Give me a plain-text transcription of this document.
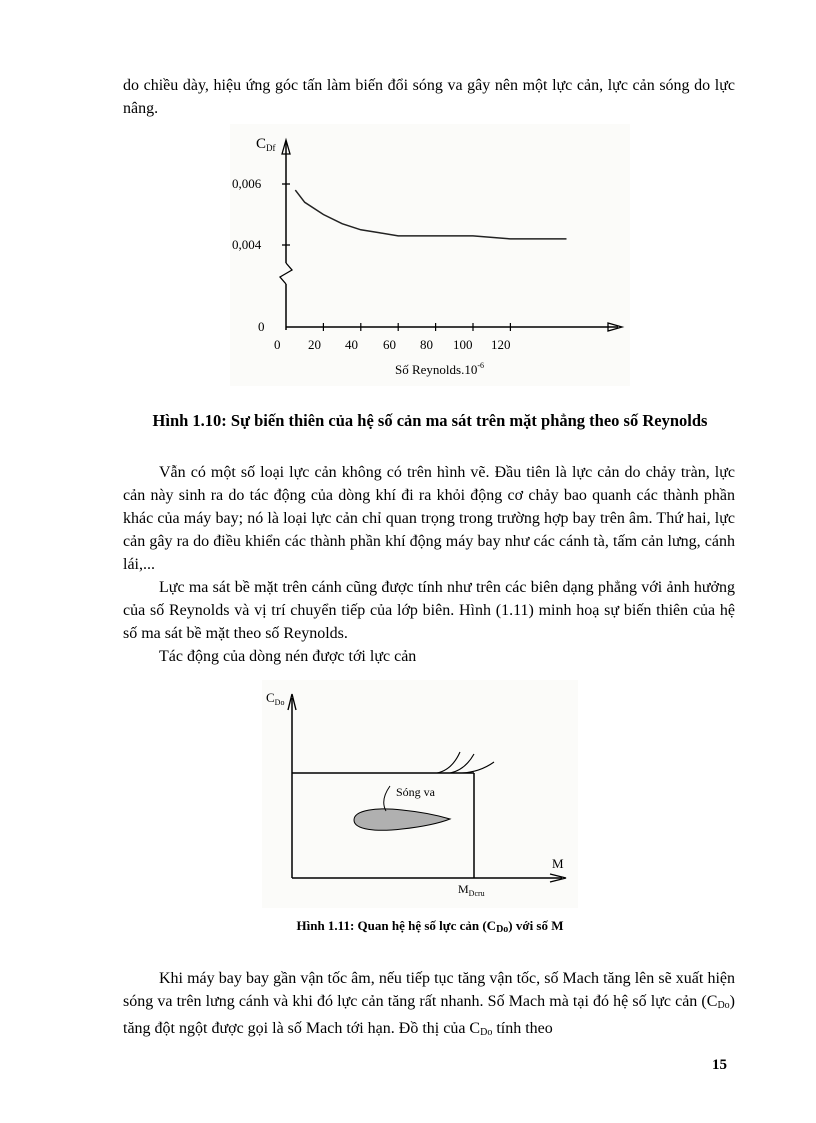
do chiều dày, hiệu ứng góc tấn làm biến đổi sóng va gây nên một lực cản, lực cản sóng do lực nâng.

$C_{Df}$
0,006
0,004
0
0 20 40 60 80 100 120
Số $Reynolds.10^{-6}$
Hình 1.10: Sự biến thiên của hệ số cản ma sát trên mặt phẳng theo số Reynolds

Vẫn có một số loại lực cản không có trên hình vẽ. Đầu tiên là lực cản do chảy tràn, lực cản này sinh ra do tác động của dòng khí đi ra khỏi động cơ chảy bao quanh các thành phần khác của máy bay; nó là loại lực cản chỉ quan trọng trong trường hợp bay trên âm. Thứ hai, lực cản gây ra do điều khiển các thành phần khí động máy bay như các cánh tà, tấm cản lưng, cánh lái,...

Lực ma sát bề mặt trên cánh cũng được tính như trên các biên dạng phẳng với ảnh hưởng của số Reynolds và vị trí chuyển tiếp của lớp biên. Hình (1.11) minh hoạ sự biến thiên của hệ số ma sát bề mặt theo số Reynolds.

Tác động của dòng nén được tới lực cản

$C_{Do}$
Sóng va
M
$M_{Dcru}$
Hình 1.11: Quan hệ hệ số lực cản $(C_{Do})$ với số M

Khi máy bay bay gần vận tốc âm, nếu tiếp tục tăng vận tốc, số Mach tăng lên sẽ xuất hiện sóng va trên lưng cánh và khi đó lực cản tăng rất nhanh. Số Mach mà tại đó hệ số lực cản $(C_{Do})$ tăng đột ngột được gọi là số Mach tới hạn. Đồ thị của $C_{Do}$ tính theo

15
